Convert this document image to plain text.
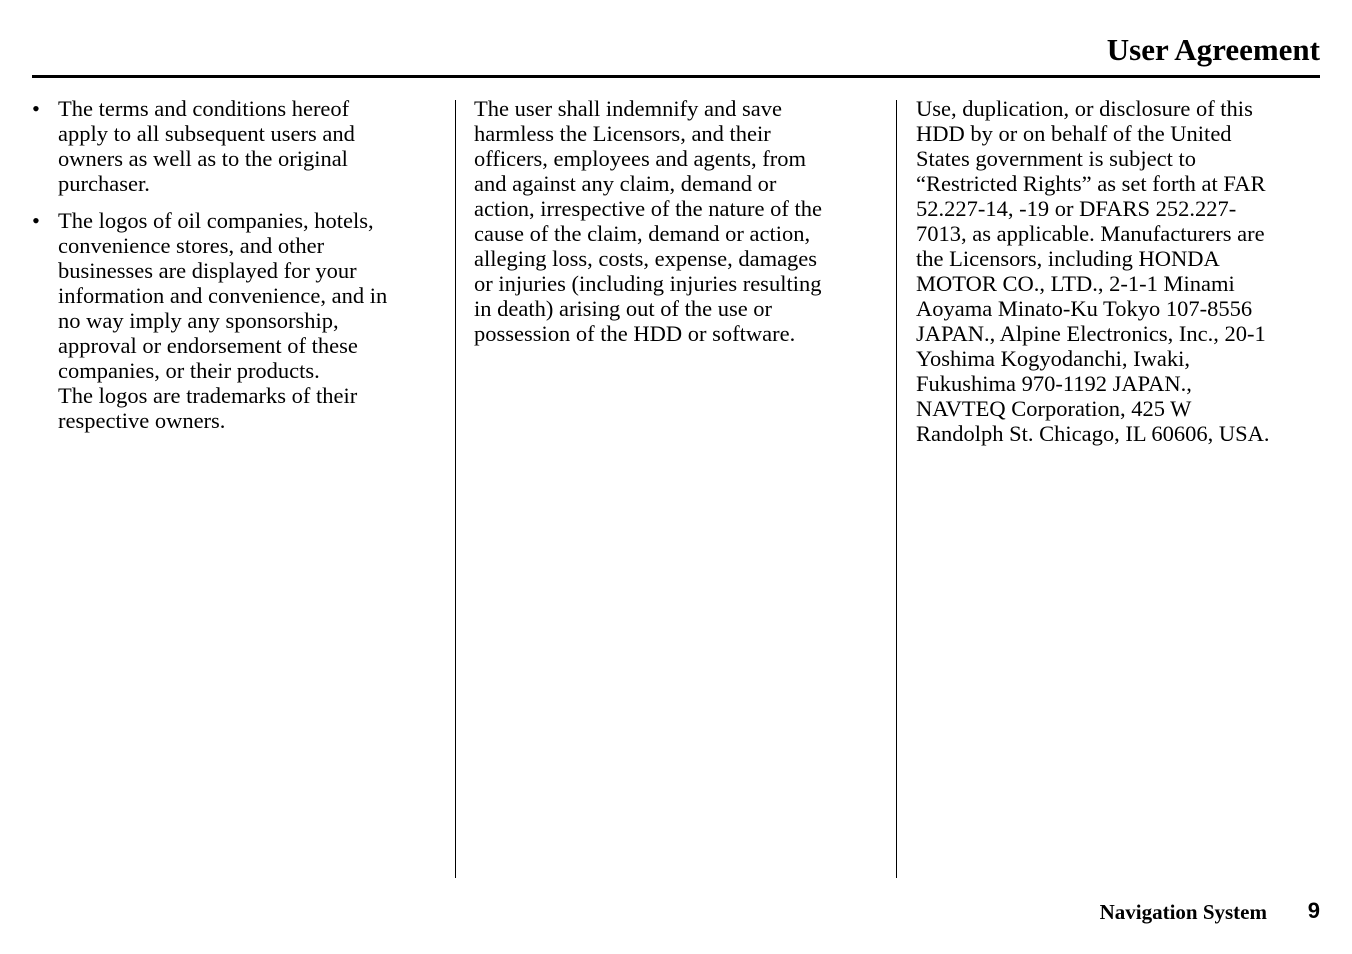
User Agreement
• The terms and conditions hereof
apply to all subsequent users and
owners as well as to the original
purchaser.
• The logos of oil companies, hotels,
convenience stores, and other
businesses are displayed for your
information and convenience, and in
no way imply any sponsorship,
approval or endorsement of these
companies, or their products.
The logos are trademarks of their
respective owners.
The user shall indemnify and save
harmless the Licensors, and their
officers, employees and agents, from
and against any claim, demand or
action, irrespective of the nature of the
cause of the claim, demand or action,
alleging loss, costs, expense, damages
or injuries (including injuries resulting
in death) arising out of the use or
possession of the HDD or software.
Use, duplication, or disclosure of this
HDD by or on behalf of the United
States government is subject to
“Restricted Rights” as set forth at FAR
52.227-14, -19 or DFARS 252.227-
7013, as applicable. Manufacturers are
the Licensors, including HONDA
MOTOR CO., LTD., 2-1-1 Minami
Aoyama Minato-Ku Tokyo 107-8556
JAPAN., Alpine Electronics, Inc., 20-1
Yoshima Kogyodanchi, Iwaki,
Fukushima 970-1192 JAPAN.,
NAVTEQ Corporation, 425 W
Randolph St. Chicago, IL 60606, USA.
Navigation System 9
